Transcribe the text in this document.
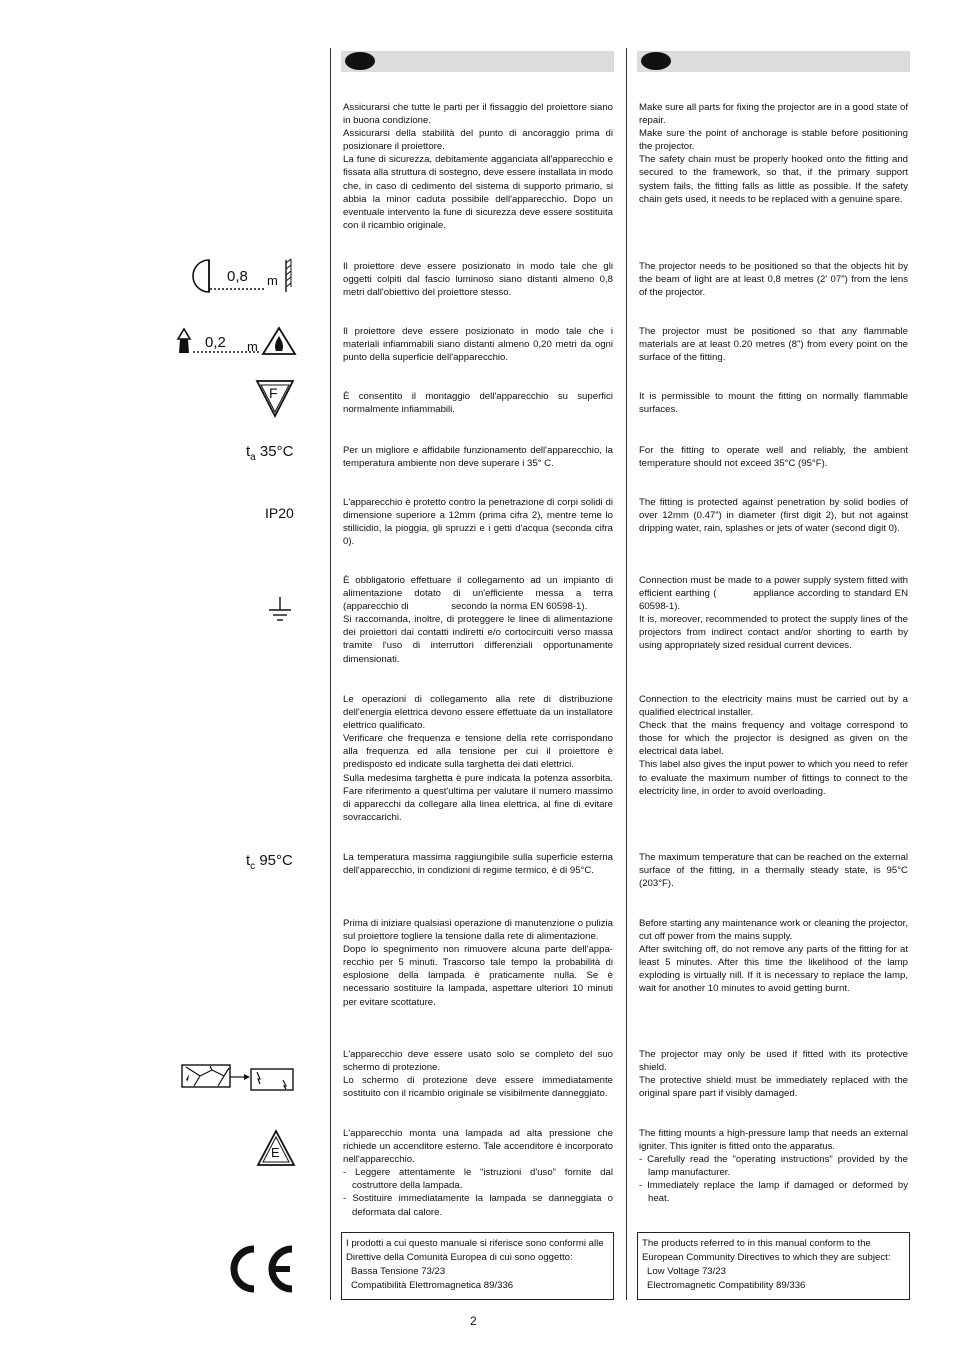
0,8 m
0,2 m
F
$t_a$ 35°C
IP20
$t_c$ 95°C
E

Assicurarsi che tutte le parti per il fissaggio del proiettore siano in buona condizione.

Assicurarsi della stabilità del punto di ancoraggio prima di posizionare il proiettore.

La fune di sicurezza, debitamente agganciata all'apparecchio e fissata alla struttura di sostegno, deve essere installata in modo che, in caso di cedimento del sistema di supporto primario, si abbia la minor caduta possibile dell'apparecchio. Dopo un eventuale intervento la fune di sicurezza deve essere sostituita con il ricambio originale.

Il proiettore deve essere posizionato in modo tale che gli oggetti colpiti dal fascio luminoso siano distanti almeno 0,8 metri dall'obiettivo del proiettore stesso.

Il proiettore deve essere posizionato in modo tale che i materiali infiammabili siano distanti almeno 0,20 metri da ogni punto della superficie dell'apparecchio.

È consentito il montaggio dell'apparecchio su superfici normalmente infiammabili.

Per un migliore e affidabile funzionamento dell'apparecchio, la temperatura ambiente non deve superare i 35° C.

L'apparecchio è protetto contro la penetrazione di corpi solidi di dimensione superiore a 12mm (prima cifra 2), mentre teme lo stillicidio, la pioggia, gli spruzzi e i getti d'acqua (seconda cifra 0).

È obbligatorio effettuare il collegamento ad un impianto di alimentazione dotato di un'efficiente messa a terra (apparecchio di                secondo la norma EN 60598-1).

Si raccomanda, inoltre, di proteggere le linee di alimentazione dei proiettori dai contatti indiretti e/o cortocircuiti verso massa tramite l'uso di interruttori differenziali opportunamente dimensionati.

Le operazioni di collegamento alla rete di distribuzione dell'energia elettrica devono essere effettuate da un installatore elettrico qualificato.

Verificare che frequenza e tensione della rete corrispondano alla frequenza ed alla tensione per cui il proiettore è predisposto ed indicate sulla targhetta dei dati elettrici.

Sulla medesima targhetta è pure indicata la potenza assorbita. Fare riferimento a quest'ultima per valutare il numero massimo di apparecchi da collegare alla linea elettrica, al fine di evitare sovraccarichi.

La temperatura massima raggiungibile sulla superficie esterna dell'apparecchio, in condizioni di regime termico, è di 95°C.

Prima di iniziare qualsiasi operazione di manutenzione o pulizia sul proiettore togliere la tensione dalla rete di alimentazione.

Dopo lo spegnimento non rimuovere alcuna parte dell'appa-recchio per 5 minuti. Trascorso tale tempo la probabilità di esplosione della lampada è praticamente nulla. Se è necessario sostituire la lampada, aspettare ulteriori 10 minuti per evitare scottature.

L'apparecchio deve essere usato solo se completo del suo schermo di protezione.

Lo schermo di protezione deve essere immediatamente sostituito con il ricambio originale se visibilmente danneggiato.

L'apparecchio monta una lampada ad alta pressione che richiede un accenditore esterno. Tale accenditore è incorporato nell'apparecchio.

- Leggere attentamente le “istruzioni d'uso” fornite dal costruttore della lampada.

- Sostituire immediatamente la lampada se danneggiata o deformata dal calore.

I prodotti a cui questo manuale si riferisce sono conformi alle Direttive della Comunità Europea di cui sono oggetto:
Bassa Tensione 73/23
Compatibilità Elettromagnetica 89/336

Make sure all parts for fixing the projector are in a good state of repair.

Make sure the point of anchorage is stable before positioning the projector.

The safety chain must be properly hooked onto the fitting and secured to the framework, so that, if the primary support system fails, the fitting falls as little as possible. If the safety chain gets used, it needs to be replaced with a genuine spare.

The projector needs to be positioned so that the objects hit by the beam of light are at least 0,8 metres (2' 07") from the lens of the projector.

The projector must be positioned so that any flammable materials are at least 0.20 metres (8") from every point on the surface of the fitting.

It is permissible to mount the fitting on normally flammable surfaces.

For the fitting to operate well and reliably, the ambient temperature should not exceed 35°C (95°F).

The fitting is protected against penetration by solid bodies of over 12mm (0.47") in diameter (first digit 2), but not against dripping water, rain, splashes or jets of water (second digit 0).

Connection must be made to a power supply system fitted with efficient earthing (           appliance according to standard EN 60598-1).

It is, moreover, recommended to protect the supply lines of the projectors from indirect contact and/or shorting to earth by using appropriately sized residual current devices.

Connection to the electricity mains must be carried out by a qualified electrical installer.

Check that the mains frequency and voltage correspond to those for which the projector is designed as given on the electrical data label.

This label also gives the input power to which you need to refer to evaluate the maximum number of fittings to connect to the electricity line, in order to avoid overloading.

The maximum temperature that can be reached on the external surface of the fitting, in a thermally steady state, is 95°C (203°F).

Before starting any maintenance work or cleaning the projector, cut off power from the mains supply.

After switching off, do not remove any parts of the fitting for at least 5 minutes. After this time the likelihood of the lamp exploding is virtually nill. If it is necessary to replace the lamp, wait for another 10 minutes to avoid getting burnt.

The projector may only be used if fitted with its protective shield.

The protective shield must be immediately replaced with the original spare part if visibly damaged.

The fitting mounts a high-pressure lamp that needs an external igniter. This igniter is fitted onto the apparatus.

- Carefully read the "operating instructions" provided by the lamp manufacturer.

- Immediately replace the lamp if damaged or deformed by heat.

The products referred to in this manual conform to the European Community Directives to which they are subject:
Low Voltage 73/23
Electromagnetic Compatibility 89/336
2
